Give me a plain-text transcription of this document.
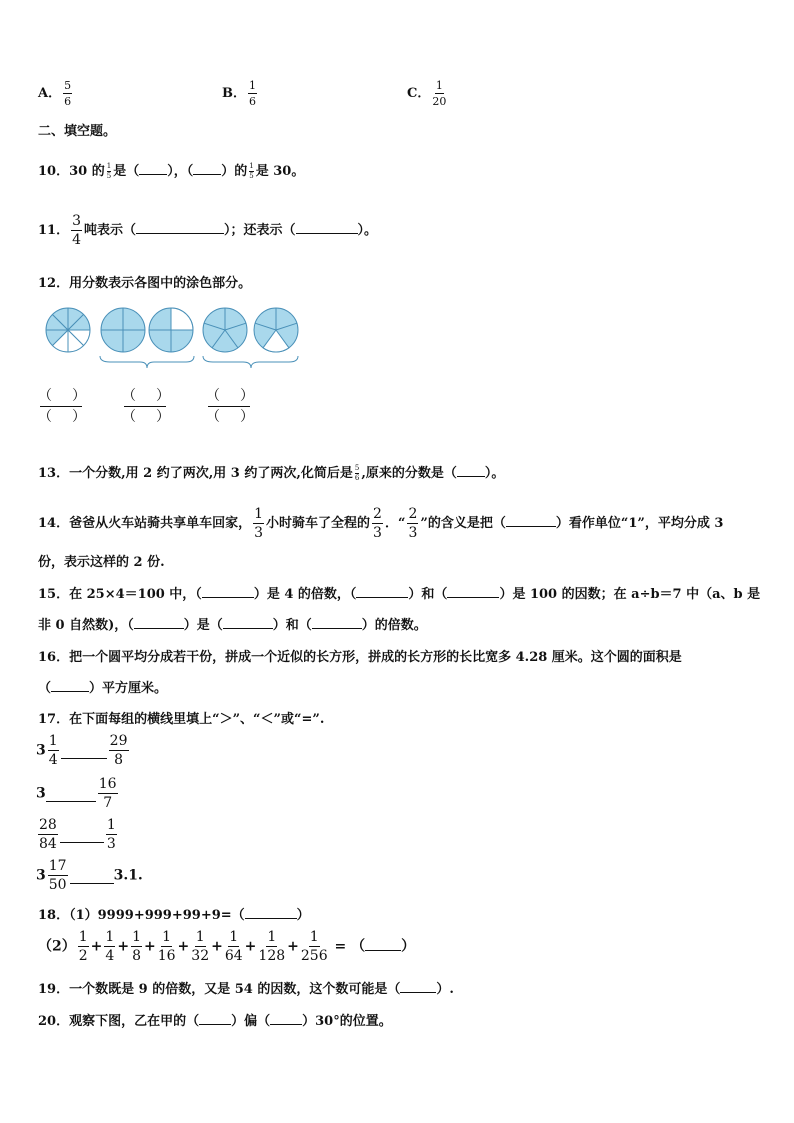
A． $\frac{5}{6}$	B． $\frac{1}{6}$	C． $\frac{1}{20}$
二、填空题。
10．30 的 $\frac{1}{5}$ 是（ ），（ ）的 $\frac{1}{5}$ 是 30。
11． $\frac{3}{4}$ 吨表示（	）；还表示（	）。
12．用分数表示各图中的涂色部分。
（ ）
（ ）
（ ）
（ ）
（ ）
（ ）
13．一个分数,用 2 约了两次,用 3 约了两次,化简后是 $\frac{5}{6}$ ,原来的分数是（ ）。
14．爸爸从火车站骑共享单车回家， $\frac{1}{3}$ 小时骑车了全程的 $\frac{2}{3}$ ．“ $\frac{2}{3}$ ”的含义是把（	）看作单位“1”，平均分成 3
份，表示这样的 2 份.
15．在 25×4＝100 中，（	）是 4 的倍数，（	）和（	）是 100 的因数；在 a÷b＝7 中（a、b 是
非 0 自然数)，（	）是（	）和（	）的倍数。
16．把一个圆平均分成若干份，拼成一个近似的长方形，拼成的长方形的长比宽多 4.28 厘米。这个圆的面积是
（	）平方厘米。
17．在下面每组的横线里填上“＞”、“＜”或“=”.
$3 \frac{1}{4}$	$\frac{29}{8}$
3	$\frac{16}{7}$
$\frac{28}{84}$	$\frac{1}{3}$
$3 \frac{17}{50}$	3.1.
18．（1）9999+999+99+9=（	）
$(2) \frac{1}{2} + \frac{1}{4} + \frac{1}{8} + \frac{1}{16} + \frac{1}{32} + \frac{1}{64} + \frac{1}{128} + \frac{1}{256}$ = （	）
19．一个数既是 9 的倍数，又是 54 的因数，这个数可能是（	）.
20．观察下图，乙在甲的（ ）偏（ ）30°的位置。
